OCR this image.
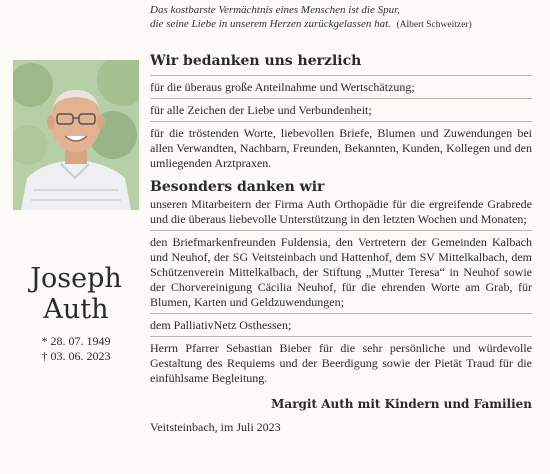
Das kostbarste Vermächtnis eines Menschen ist die Spur,
die seine Liebe in unserem Herzen zurückgelassen hat. (Albert Schweitzer)
Joseph
Auth
* 28. 07. 1949
† 03. 06. 2023
Wir bedanken uns herzlich

für die überaus große Anteilnahme und Wertschätzung;

für alle Zeichen der Liebe und Verbundenheit;

für die tröstenden Worte, liebevollen Briefe, Blumen und Zuwendungen bei allen Verwandten, Nachbarn, Freunden, Bekannten, Kunden, Kollegen und den umliegenden Arztpraxen.

Besonders danken wir

unseren Mitarbeitern der Firma Auth Orthopädie für die ergreifende Grabrede und die überaus liebevolle Unterstützung in den letzten Wochen und Monaten;

den Briefmarkenfreunden Fuldensia, den Vertretern der Gemeinden Kalbach und Neuhof, der SG Veitsteinbach und Hattenhof, dem SV Mittelkalbach, dem Schützenverein Mittelkalbach, der Stiftung „Mutter Teresa“ in Neuhof sowie der Chorvereinigung Cäcilia Neuhof, für die ehrenden Worte am Grab, für Blumen, Karten und Geldzuwendungen;

dem PalliativNetz Osthessen;

Herrn Pfarrer Sebastian Bieber für die sehr persönliche und würdevolle Gestaltung des Requiems und der Beerdigung sowie der Pietät Traud für die einfühlsame Begleitung.

Margit Auth mit Kindern und Familien
Veitsteinbach, im Juli 2023
